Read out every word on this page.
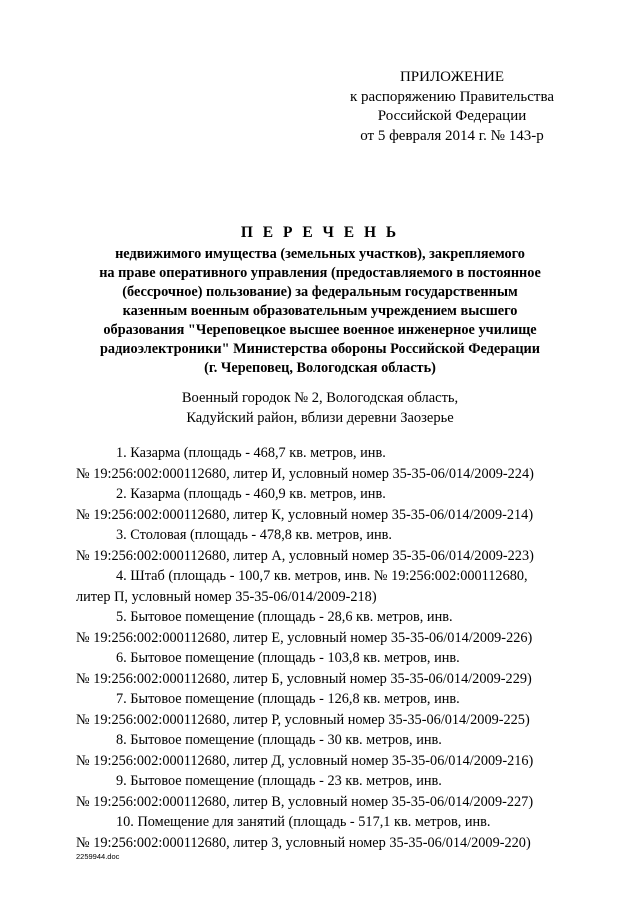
ПРИЛОЖЕНИЕ
к распоряжению Правительства
Российской Федерации
от 5 февраля 2014 г. № 143-р
П Е Р Е Ч Е Н Ь
недвижимого имущества (земельных участков), закрепляемого
на праве оперативного управления (предоставляемого в постоянное
(бессрочное) пользование) за федеральным государственным
казенным военным образовательным учреждением высшего
образования "Череповецкое высшее военное инженерное училище
радиоэлектроники" Министерства обороны Российской Федерации
(г. Череповец, Вологодская область)
Военный городок № 2, Вологодская область,
Кадуйский район, вблизи деревни Заозерье

1. Казарма (площадь - 468,7 кв. метров, инв.
№ 19:256:002:000112680, литер И, условный номер 35-35-06/014/2009-224)

2. Казарма (площадь - 460,9 кв. метров, инв.
№ 19:256:002:000112680, литер К, условный номер 35-35-06/014/2009-214)

3. Столовая (площадь - 478,8 кв. метров, инв.
№ 19:256:002:000112680, литер А, условный номер 35-35-06/014/2009-223)

4. Штаб (площадь - 100,7 кв. метров, инв. № 19:256:002:000112680,
литер П, условный номер 35-35-06/014/2009-218)

5. Бытовое помещение (площадь - 28,6 кв. метров, инв.
№ 19:256:002:000112680, литер Е, условный номер 35-35-06/014/2009-226)

6. Бытовое помещение (площадь - 103,8 кв. метров, инв.
№ 19:256:002:000112680, литер Б, условный номер 35-35-06/014/2009-229)

7. Бытовое помещение (площадь - 126,8 кв. метров, инв.
№ 19:256:002:000112680, литер Р, условный номер 35-35-06/014/2009-225)

8. Бытовое помещение (площадь - 30 кв. метров, инв.
№ 19:256:002:000112680, литер Д, условный номер 35-35-06/014/2009-216)

9. Бытовое помещение (площадь - 23 кв. метров, инв.
№ 19:256:002:000112680, литер В, условный номер 35-35-06/014/2009-227)

10. Помещение для занятий (площадь - 517,1 кв. метров, инв.
№ 19:256:002:000112680, литер З, условный номер 35-35-06/014/2009-220)

2259944.doc
